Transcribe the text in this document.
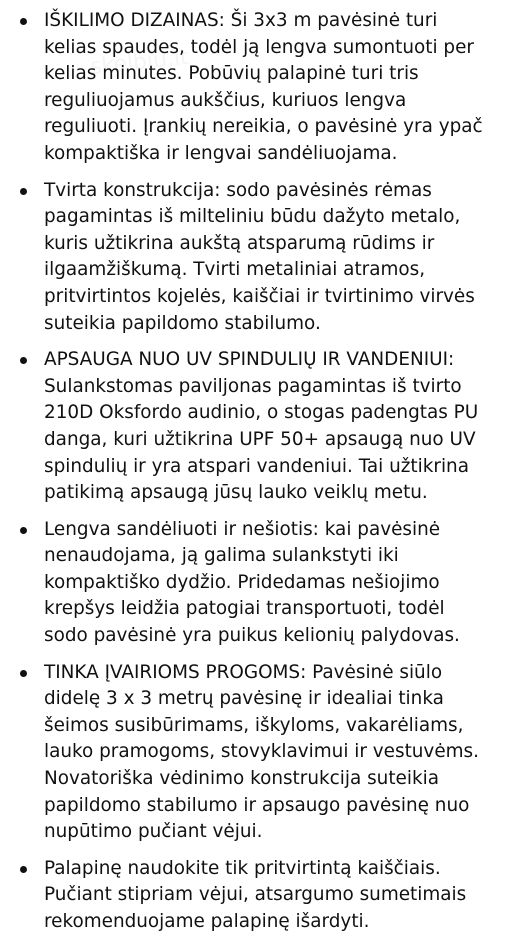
IŠKILIMO DIZAINAS: Ši 3x3 m pavėsinė turi kelias spaudes, todėl ją lengva sumontuoti per kelias minutes. Pobūvių palapinė turi tris reguliuojamus aukščius, kuriuos lengva reguliuoti. Įrankių nereikia, o pavėsinė yra ypač kompaktiška ir lengvai sandėliuojama.
Tvirta konstrukcija: sodo pavėsinės rėmas pagamintas iš milteliniu būdu dažyto metalo, kuris užtikrina aukštą atsparumą rūdims ir ilgaamžiškumą. Tvirti metaliniai atramos, pritvirtintos kojelės, kaiščiai ir tvirtinimo virvės suteikia papildomo stabilumo.
APSAUGA NUO UV SPINDULIŲ IR VANDENIUI: Sulankstomas paviljonas pagamintas iš tvirto 210D Oksfordo audinio, o stogas padengtas PU danga, kuri užtikrina UPF 50+ apsaugą nuo UV spindulių ir yra atspari vandeniui. Tai užtikrina patikimą apsaugą jūsų lauko veiklų metu.
Lengva sandėliuoti ir nešiotis: kai pavėsinė nenaudojama, ją galima sulankstyti iki kompaktiško dydžio. Pridedamas nešiojimo krepšys leidžia patogiai transportuoti, todėl sodo pavėsinė yra puikus kelionių palydovas.
TINKA ĮVAIRIOMS PROGOMS: Pavėsinė siūlo didelę 3 x 3 metrų pavėsinę ir idealiai tinka šeimos susibūrimams, iškyloms, vakarėliams, lauko pramogoms, stovyklavimui ir vestuvėms. Novatoriška vėdinimo konstrukcija suteikia papildomo stabilumo ir apsaugo pavėsinę nuo nupūtimo pučiant vėjui.
Palapinę naudokite tik pritvirtintą kaiščiais. Pučiant stipriam vėjui, atsargumo sumetimais rekomenduojame palapinę išardyti.
